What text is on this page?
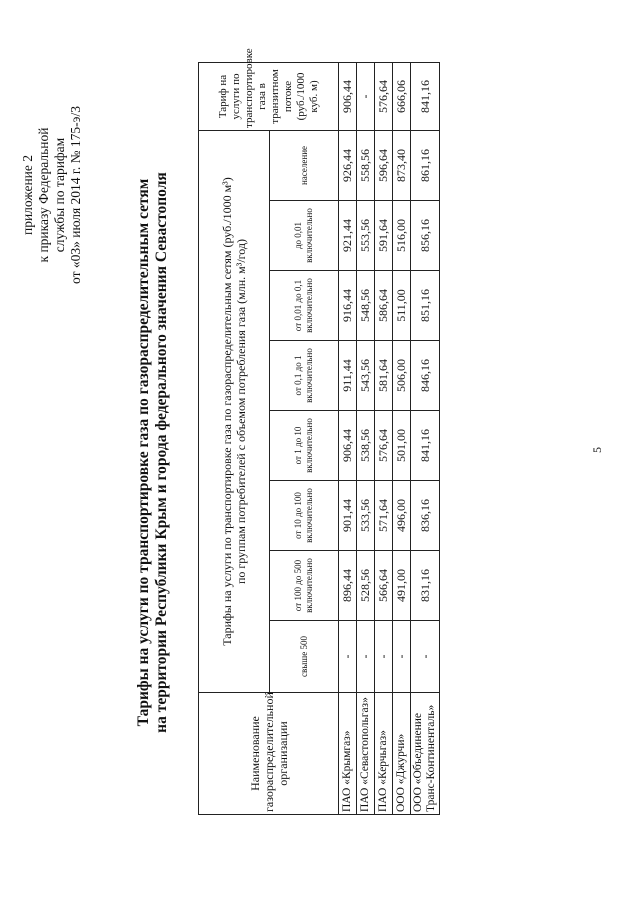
приложение 2 к приказу Федеральной службы по тарифам от «03» июля 2014 г. № 175-э/3	Тарифы на услуги по транспортировке газа по газораспределительным сетям на территории Республики Крым и города федерального значения Севастополя
Наименование газораспределительной организации	Тарифы на услуги по транспортировке газа по газораспределительным сетям (руб./1000 м³) по группам потребителей с объемом потребления газа (млн. м³/год)								Тариф на услуги по транспортировке газа в транзитном потоке (руб./1000 куб. м)
	свыше 500	от 100 до 500 включительно	от 10 до 100 включительно	от 1 до 10 включительно	от 0,1 до 1 включительно	от 0,01 до 0,1 включительно	до 0,01 включительно	население	
ПАО «Крымгаз»	-	896,44	901,44	906,44	911,44	916,44	921,44	926,44	906,44
ПАО «Севастопольгаз»	-	528,56	533,56	538,56	543,56	548,56	553,56	558,56	-
ПАО «Керчьгаз»	-	566,64	571,64	576,64	581,64	586,64	591,64	596,64	576,64
ООО «Джурчи»	-	491,00	496,00	501,00	506,00	511,00	516,00	873,40	666,06
ООО «Объединение Транс-Континенталь»	-	831,16	836,16	841,16	846,16	851,16	856,16	861,16	841,16
5
